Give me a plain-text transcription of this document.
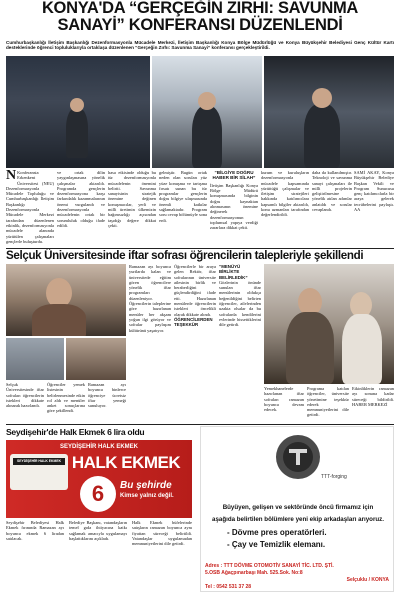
KONYA'DA “GERÇEĞİN ZIRHI: SAVUNMA
SANAYİ” KONFERANSI DÜZENLENDİ
Cumhurbaşkanlığı İletişim Başkanlığı Dezenformasyonla Mücadele Merkezi, İletişim Başkanlığı Konya Bölge Müdürlüğü ve Konya Büyükşehir Belediyesi Genç Kültür Kartı desteklerinde öğrenci topluluklarıyla ortaklaşa düzenlenen “Gerçeğin Zırhı: Savunma Sanayi” konferansı gerçekleştirildi.
N Konferansta Erkenkent Üniversitesi (NEU) Dezenformasyonla Mücadele Topluluğu ve Cumhurbaşkanlığı İletişim Başkanlığı Dezenformasyonla Mücadele Merkezi tarafından düzenlenen etkinlik, dezenformasyonla mücadele alanında yürütülen çalışmaları gençlerle buluşturdu.
ve ortak dilin yaygınlaşmasına yönelik çalışmalar aktarıldı. Programda gençlerin dezenformasyona karşı farkındalık kazanmalarının önemi vurgulandı ve dezenformasyonla mücadelenin ortak bir sorumluluk olduğu ifade edildi.
hasa etkisinde olduğu bu tür dezenformasyonla mücadelenin önemini belirtti. Savunma sanayisinin stratejik önemine değinen konuşmacılar, yerli ve milli üretimin ülkemizin bağımsızlığı açısından taşıdığı değere dikkat çekti.
gelmiştir. Bugün ortak neden olan soruları yüz yüze konuşma ve tartışma fırsatı sunan bu tür programlar gençlerin doğru bilgiye ulaşmasında önemli katkılar sağlamaktadır. Program soru cevap bölümüyle sona erdi.
“BİLGİYE DOĞRU HABER BİR SİLAH”
İletişim Başkanlığı Konya Bölge Müdürü konuşmasında bilginin doğru kaynaktan alınmasının önemine değinerek dezenformasyonun toplumsal yapıya verdiği zararlara dikkat çekti.
kurum ve kuruluşların dezenformasyonla mücadele kapsamında yürüttüğü çalışmalar ve iletişim stratejileri hakkında katılımcılara kapsamlı bilgiler aktarıldı, konu uzmanları tarafından değerlendirildi.
daha da kullanılmıştır. Teknoloji ve savunma sanayi çalışmaları ile milli projelerin geliştirilmesine yönelik atılan adımlar anlatıldı ve sorular cevaplandı.
SAMİ AKAY, Konya Büyükşehir Belediye Başkan Vekili ve Program Sunucusu genç katılımcılarla bir araya gelerek tecrübelerini paylaştı. AA
Selçuk Üniversitesinde iftar sofrası öğrencilerin talepleriyle şekillendi
Selçuk Üniversitesinde iftar sofraları öğrencilerin istekleri dikkate alınarak hazırlandı.
Öğrenciler yemek listesinin belirlenmesinde etkin rol aldı ve menüler anket sonuçlarına göre şekillendi.
Ramazan ayı boyunca binlerce öğrenciye ücretsiz iftar yemeği sunuluyor.
Ramazan ayı boyunca yurtlarda kalan ve üniversitede eğitim gören öğrencilere yönelik iftar programları düzenleniyor. Öğrencilerin taleplerine göre hazırlanan menüler her akşam yoğun ilgi görüyor ve sofralar paylaşım kültürünü yaşatıyor.
Öğrencilerle bir araya gelen Rektör, iftar sofralarının üniversite ailesinin birlik ve beraberliğini güçlendirdiğini ifade etti. Hazırlanan menülerde öğrencilerin istekleri öncelikli olarak dikkate alındı.
ÖĞRENCİLERDEN TEŞEKKÜR
“MENÜYÜ BİRLİKTE BELİRLEDİK”
Gözlerinin önünde sunulan iftar menülerinin oldukça beğenildiğini belirten öğrenciler, ailelerinden uzakta olsalar da bu sofralarda kendilerini evlerinde hissettiklerini dile getirdi.
Yemekhanelerde hazırlanan iftar sofraları ramazan boyunca devam edecek.
Programa katılan öğrenciler, üniversite yönetimine teşekkür ederek memnuniyetlerini dile getirdi.
Etkinliklerin ramazan ayı sonuna kadar süreceği bildirildi. HABER MERKEZİ
Seydişehir'de Halk Ekmek 6 lira oldu
SEYDİŞEHİR HALK EKMEK
SEYDİŞEHİR HALK EKMEK HALK EKMEK
6	Bu şehirde
Kimse yalnız değil.
Seydişehir Belediyesi Halk Ekmek fırınında Ramazan ayı boyunca ekmek 6 liradan satılacak.
Belediye Başkanı, vatandaşların temel gıda ihtiyacına katkı sağlamak amacıyla uygulamayı başlattıklarını açıkladı.
Halk Ekmek büfelerinde satışların ramazan boyunca aynı fiyattan süreceği belirtildi. Vatandaşlar uygulamadan memnuniyetlerini dile getirdi.
TTT-forging
Büyüyen, gelişen ve sektöründe öncü firmamız için
aşağıda belirtilen bölümlere yeni ekip arkadaşları arıyoruz.
- Dövme pres operatörleri.
- Çay ve Temizlik elemanı.
Adres : TTT DÖVME OTOMOTİV SANAYİ TİC. LTD. ŞTİ.
5.OSB Ağaçpınarbaşı Mah. 525.Sok. No:8
Selçuklu / KONYA
Tel : 0542 531 37 28
